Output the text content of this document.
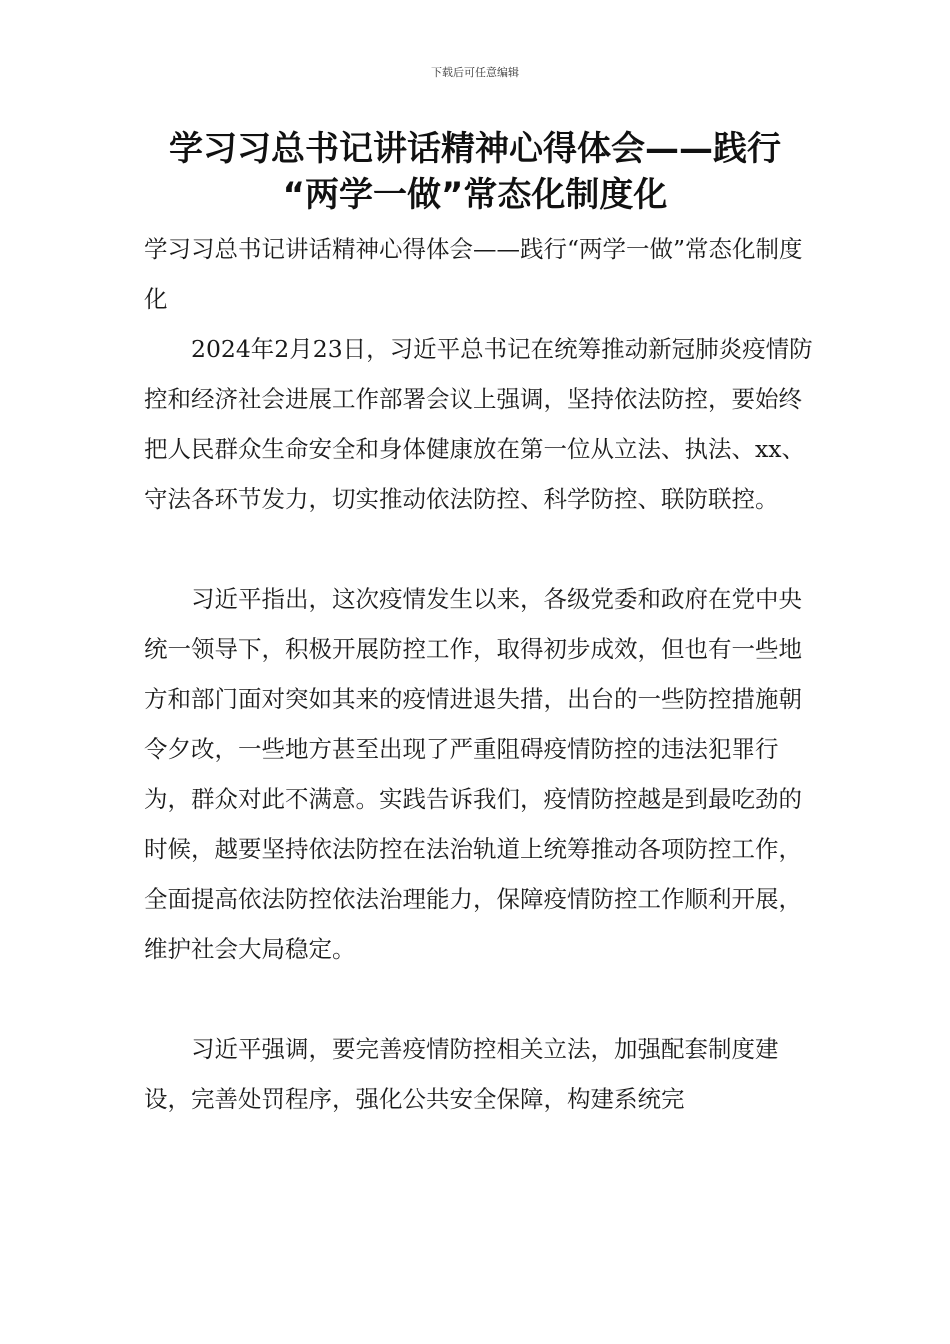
下载后可任意编辑
学习习总书记讲话精神心得体会——践行
“两学一做”常态化制度化

学习习总书记讲话精神心得体会——践行“两学一做”常态化制度化

2024年2月23日，习近平总书记在统筹推动新冠肺炎疫情防控和经济社会进展工作部署会议上强调，坚持依法防控，要始终把人民群众生命安全和身体健康放在第一位从立法、执法、xx、守法各环节发力，切实推动依法防控、科学防控、联防联控。

习近平指出，这次疫情发生以来，各级党委和政府在党中央统一领导下，积极开展防控工作，取得初步成效，但也有一些地方和部门面对突如其来的疫情进退失措，出台的一些防控措施朝令夕改，一些地方甚至出现了严重阻碍疫情防控的违法犯罪行为，群众对此不满意。实践告诉我们，疫情防控越是到最吃劲的时候，越要坚持依法防控在法治轨道上统筹推动各项防控工作，全面提高依法防控依法治理能力，保障疫情防控工作顺利开展，维护社会大局稳定。

习近平强调，要完善疫情防控相关立法，加强配套制度建设，完善处罚程序，强化公共安全保障，构建系统完
